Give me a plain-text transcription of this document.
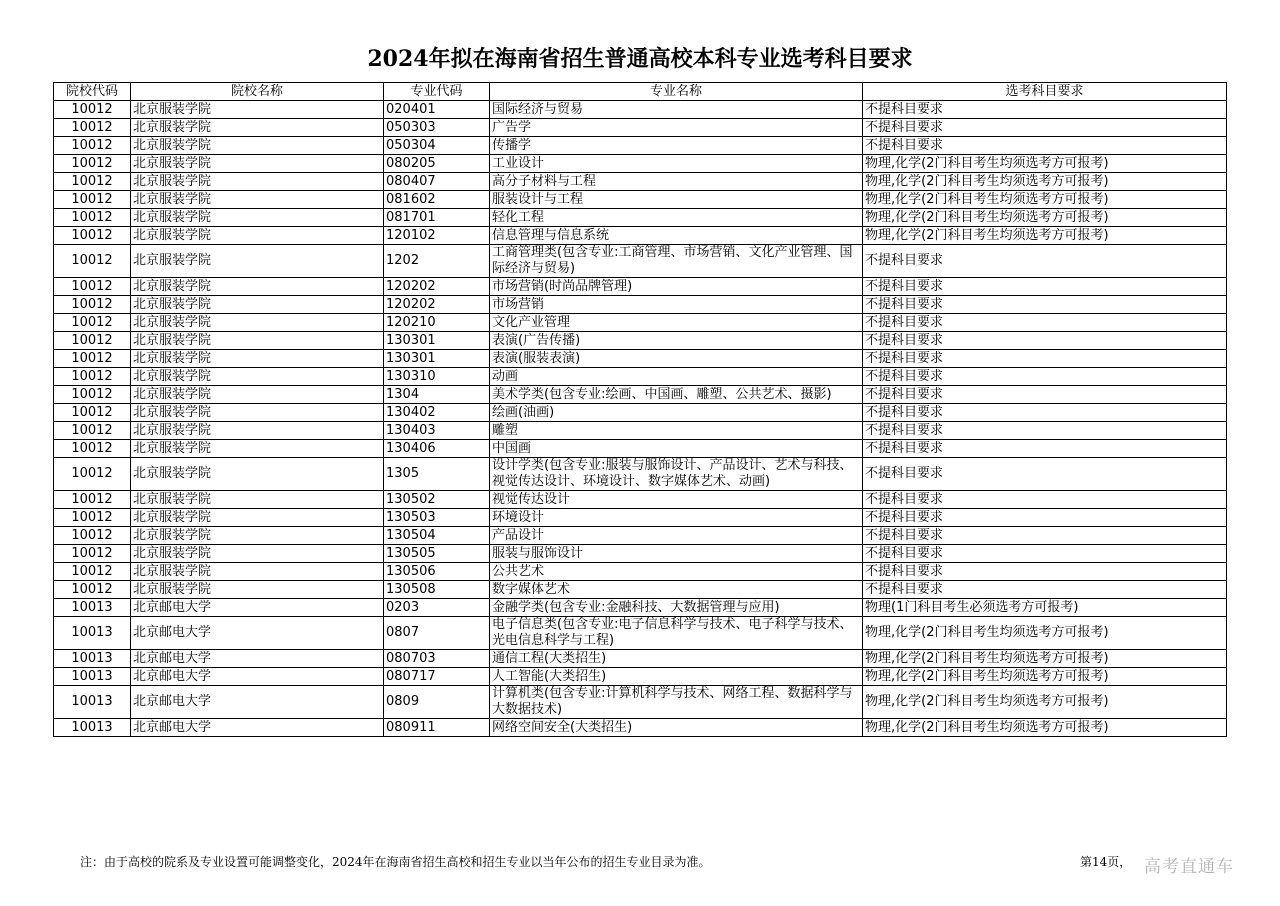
2024年拟在海南省招生普通高校本科专业选考科目要求
院校代码	院校名称	专业代码	专业名称	选考科目要求
10012	北京服装学院	020401	国际经济与贸易	不提科目要求
10012	北京服装学院	050303	广告学	不提科目要求
10012	北京服装学院	050304	传播学	不提科目要求
10012	北京服装学院	080205	工业设计	物理,化学(2门科目考生均须选考方可报考)
10012	北京服装学院	080407	高分子材料与工程	物理,化学(2门科目考生均须选考方可报考)
10012	北京服装学院	081602	服装设计与工程	物理,化学(2门科目考生均须选考方可报考)
10012	北京服装学院	081701	轻化工程	物理,化学(2门科目考生均须选考方可报考)
10012	北京服装学院	120102	信息管理与信息系统	物理,化学(2门科目考生均须选考方可报考)
10012	北京服装学院	1202	工商管理类(包含专业:工商管理、市场营销、文化产业管理、国际经济与贸易)	不提科目要求
10012	北京服装学院	120202	市场营销(时尚品牌管理)	不提科目要求
10012	北京服装学院	120202	市场营销	不提科目要求
10012	北京服装学院	120210	文化产业管理	不提科目要求
10012	北京服装学院	130301	表演(广告传播)	不提科目要求
10012	北京服装学院	130301	表演(服装表演)	不提科目要求
10012	北京服装学院	130310	动画	不提科目要求
10012	北京服装学院	1304	美术学类(包含专业:绘画、中国画、雕塑、公共艺术、摄影)	不提科目要求
10012	北京服装学院	130402	绘画(油画)	不提科目要求
10012	北京服装学院	130403	雕塑	不提科目要求
10012	北京服装学院	130406	中国画	不提科目要求
10012	北京服装学院	1305	设计学类(包含专业:服装与服饰设计、产品设计、艺术与科技、视觉传达设计、环境设计、数字媒体艺术、动画)	不提科目要求
10012	北京服装学院	130502	视觉传达设计	不提科目要求
10012	北京服装学院	130503	环境设计	不提科目要求
10012	北京服装学院	130504	产品设计	不提科目要求
10012	北京服装学院	130505	服装与服饰设计	不提科目要求
10012	北京服装学院	130506	公共艺术	不提科目要求
10012	北京服装学院	130508	数字媒体艺术	不提科目要求
10013	北京邮电大学	0203	金融学类(包含专业:金融科技、大数据管理与应用)	物理(1门科目考生必须选考方可报考)
10013	北京邮电大学	0807	电子信息类(包含专业:电子信息科学与技术、电子科学与技术、光电信息科学与工程)	物理,化学(2门科目考生均须选考方可报考)
10013	北京邮电大学	080703	通信工程(大类招生)	物理,化学(2门科目考生均须选考方可报考)
10013	北京邮电大学	080717	人工智能(大类招生)	物理,化学(2门科目考生均须选考方可报考)
10013	北京邮电大学	0809	计算机类(包含专业:计算机科学与技术、网络工程、数据科学与大数据技术)	物理,化学(2门科目考生均须选考方可报考)
10013	北京邮电大学	080911	网络空间安全(大类招生)	物理,化学(2门科目考生均须选考方可报考)
注：由于高校的院系及专业设置可能调整变化，2024年在海南省招生高校和招生专业以当年公布的招生专业目录为准。	第14页， 高考直通车
